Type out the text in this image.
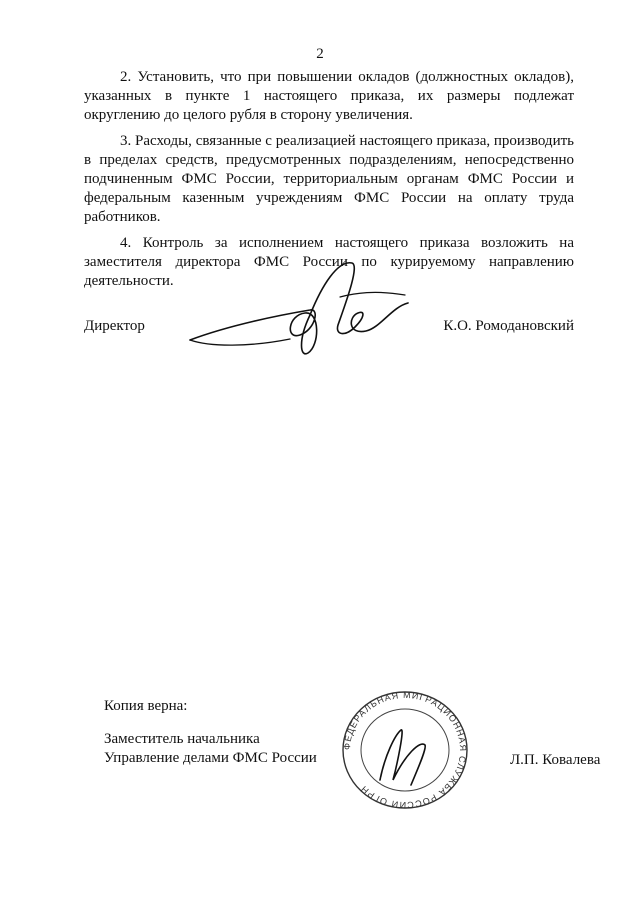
2

2. Установить, что при повышении окладов (должностных окладов), указанных в пункте 1 настоящего приказа, их размеры подлежат округлению до целого рубля в сторону увеличения.

3. Расходы, связанные с реализацией настоящего приказа, производить в пределах средств, предусмотренных подразделениям, непосредственно подчиненным ФМС России, территориальным органам ФМС России и федеральным казенным учреждениям ФМС России на оплату труда работников.

4. Контроль за исполнением настоящего приказа возложить на заместителя директора ФМС России по курируемому направлению деятельности.

Директор	К.О. Ромодановский
ФЕДЕРАЛЬНАЯ МИГРАЦИОННАЯ СЛУЖБА РОССИИ ОГРН
Копия верна:
Заместитель начальника
Управление делами ФМС России	Л.П. Ковалева
